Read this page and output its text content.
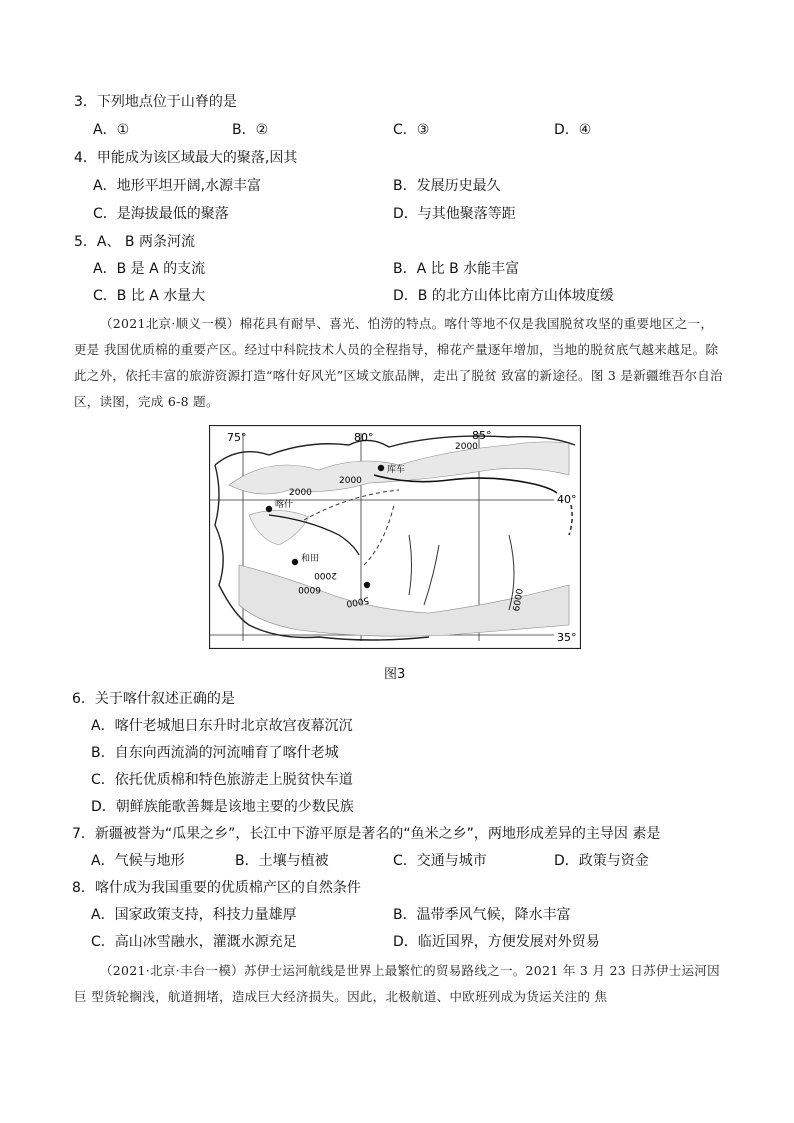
3．下列地点位于山脊的是
A．①	B．②	C．③	D．④
4．甲能成为该区域最大的聚落,因其
A．地形平坦开阔,水源丰富	B．发展历史最久
C．是海拔最低的聚落	D．与其他聚落等距
5．A、 B 两条河流
A．B 是 A 的支流	B．A 比 B 水能丰富
C．B 比 A 水量大	D．B 的北方山体比南方山体坡度缓

（2021北京·顺义一模）棉花具有耐旱、喜光、怕涝的特点。喀什等地不仅是我国脱贫攻坚的重要地区之一，更是 我国优质棉的重要产区。经过中科院技术人员的全程指导，棉花产量逐年增加，当地的脱贫底气越来越足。除此之外，依托丰富的旅游资源打造“喀什好风光”区域文旅品牌，走出了脱贫 致富的新途径。图 3 是新疆维吾尔自治区，读图，完成 6-8 题。

75°	80°	85°
40°
35°
库车
喀什
和田
2000
2000
2000
2000
5000
6000	6000
图3
6．关于喀什叙述正确的是
A．喀什老城旭日东升时北京故宫夜幕沉沉
B．自东向西流淌的河流哺育了喀什老城
C．依托优质棉和特色旅游走上脱贫快车道
D．朝鲜族能歌善舞是该地主要的少数民族
7．新疆被誉为“瓜果之乡”，长江中下游平原是著名的“鱼米之乡”，两地形成差异的主导因 素是
A．气候与地形	B．土壤与植被	C．交通与城市	D．政策与资金
8．喀什成为我国重要的优质棉产区的自然条件
A．国家政策支持，科技力量雄厚	B．温带季风气候，降水丰富
C．高山冰雪融水，灌溉水源充足	D．临近国界，方便发展对外贸易

（2021·北京·丰台一模）苏伊士运河航线是世界上最繁忙的贸易路线之一。2021 年 3 月 23 日苏伊士运河因巨 型货轮搁浅，航道拥堵，造成巨大经济损失。因此，北极航道、中欧班列成为货运关注的 焦
